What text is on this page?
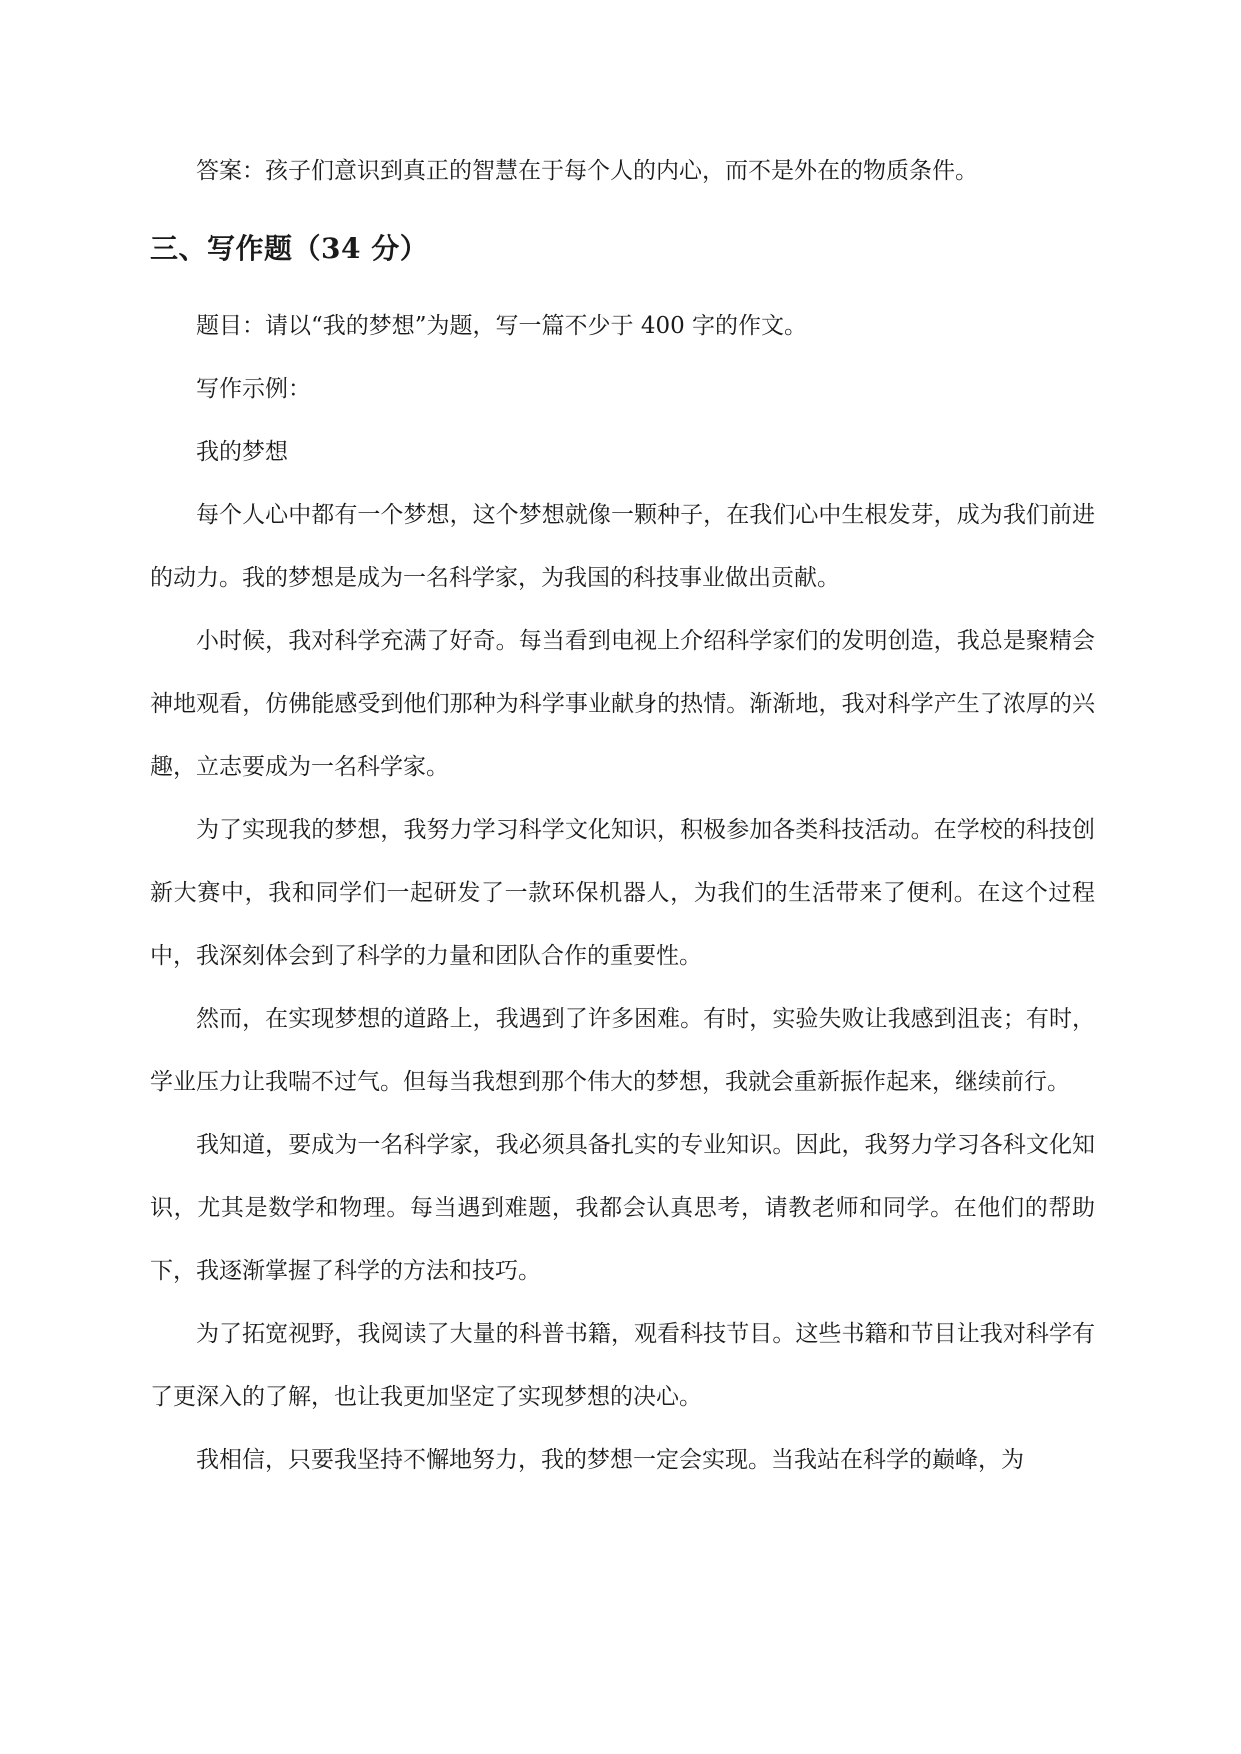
答案：孩子们意识到真正的智慧在于每个人的内心，而不是外在的物质条件。

三、写作题（34 分）

题目：请以“我的梦想”为题，写一篇不少于 400 字的作文。

写作示例：

我的梦想

每个人心中都有一个梦想，这个梦想就像一颗种子，在我们心中生根发芽，成为我们前进的动力。我的梦想是成为一名科学家，为我国的科技事业做出贡献。

小时候，我对科学充满了好奇。每当看到电视上介绍科学家们的发明创造，我总是聚精会神地观看，仿佛能感受到他们那种为科学事业献身的热情。渐渐地，我对科学产生了浓厚的兴趣，立志要成为一名科学家。

为了实现我的梦想，我努力学习科学文化知识，积极参加各类科技活动。在学校的科技创新大赛中，我和同学们一起研发了一款环保机器人，为我们的生活带来了便利。在这个过程中，我深刻体会到了科学的力量和团队合作的重要性。

然而，在实现梦想的道路上，我遇到了许多困难。有时，实验失败让我感到沮丧；有时，学业压力让我喘不过气。但每当我想到那个伟大的梦想，我就会重新振作起来，继续前行。

我知道，要成为一名科学家，我必须具备扎实的专业知识。因此，我努力学习各科文化知识，尤其是数学和物理。每当遇到难题，我都会认真思考，请教老师和同学。在他们的帮助下，我逐渐掌握了科学的方法和技巧。

为了拓宽视野，我阅读了大量的科普书籍，观看科技节目。这些书籍和节目让我对科学有了更深入的了解，也让我更加坚定了实现梦想的决心。

我相信，只要我坚持不懈地努力，我的梦想一定会实现。当我站在科学的巅峰，为
